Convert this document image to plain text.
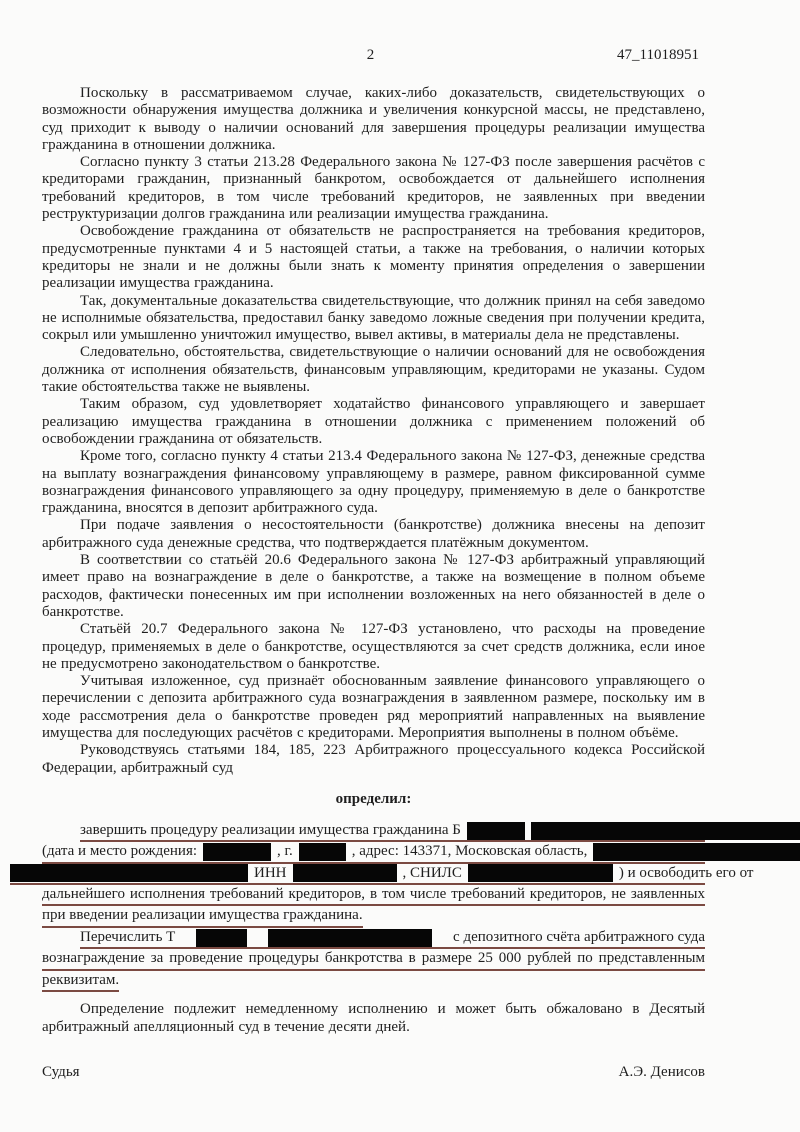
2	47_11018951

Поскольку в рассматриваемом случае, каких-либо доказательств, свидетельствующих о возможности обнаружения имущества должника и увеличения конкурсной массы, не представлено, суд приходит к выводу о наличии оснований для завершения процедуры реализации имущества гражданина в отношении должника.

Согласно пункту 3 статьи 213.28 Федерального закона № 127-ФЗ после завершения расчётов с кредиторами гражданин, признанный банкротом, освобождается от дальнейшего исполнения требований кредиторов, в том числе требований кредиторов, не заявленных при введении реструктуризации долгов гражданина или реализации имущества гражданина.

Освобождение гражданина от обязательств не распространяется на требования кредиторов, предусмотренные пунктами 4 и 5 настоящей статьи, а также на требования, о наличии которых кредиторы не знали и не должны были знать к моменту принятия определения о завершении реализации имущества гражданина.

Так, документальные доказательства свидетельствующие, что должник принял на себя заведомо не исполнимые обязательства, предоставил банку заведомо ложные сведения при получении кредита, сокрыл или умышленно уничтожил имущество, вывел активы, в материалы дела не представлены.

Следовательно, обстоятельства, свидетельствующие о наличии оснований для не освобождения должника от исполнения обязательств, финансовым управляющим, кредиторами не указаны. Судом такие обстоятельства также не выявлены.

Таким образом, суд удовлетворяет ходатайство финансового управляющего и завершает реализацию имущества гражданина в отношении должника с применением положений об освобождении гражданина от обязательств.

Кроме того, согласно пункту 4 статьи 213.4 Федерального закона № 127-ФЗ, денежные средства на выплату вознаграждения финансовому управляющему в размере, равном фиксированной сумме вознаграждения финансового управляющего за одну процедуру, применяемую в деле о банкротстве гражданина, вносятся в депозит арбитражного суда.

При подаче заявления о несостоятельности (банкротстве) должника внесены на депозит арбитражного суда денежные средства, что подтверждается платёжным документом.

В соответствии со статьёй 20.6 Федерального закона № 127-ФЗ арбитражный управляющий имеет право на вознаграждение в деле о банкротстве, а также на возмещение в полном объеме расходов, фактически понесенных им при исполнении возложенных на него обязанностей в деле о банкротстве.

Статьёй 20.7 Федерального закона № 127-ФЗ установлено, что расходы на проведение процедур, применяемых в деле о банкротстве, осуществляются за счет средств должника, если иное не предусмотрено законодательством о банкротстве.

Учитывая изложенное, суд признаёт обоснованным заявление финансового управляющего о перечислении с депозита арбитражного суда вознаграждения в заявленном размере, поскольку им в ходе рассмотрения дела о банкротстве проведен ряд мероприятий направленных на выявление имущества для последующих расчётов с кредиторами. Мероприятия выполнены в полном объёме.

Руководствуясь статьями 184, 185, 223 Арбитражного процессуального кодекса Российской Федерации, арбитражный суд

определил:
завершить процедуру реализации имущества гражданина Б
(дата и место рождения:	, г.	, адрес: 143371, Московская область,
ИНН	, СНИЛС	) и освободить его от
дальнейшего исполнения требований кредиторов, в том числе требований кредиторов, не заявленных
при введении реализации имущества гражданина.
Перечислить Т	с депозитного счёта арбитражного суда
вознаграждение за проведение процедуры банкротства в размере 25 000 рублей по представленным
реквизитам.

Определение подлежит немедленному исполнению и может быть обжаловано в Десятый арбитражный апелляционный суд в течение десяти дней.

Судья	А.Э. Денисов
